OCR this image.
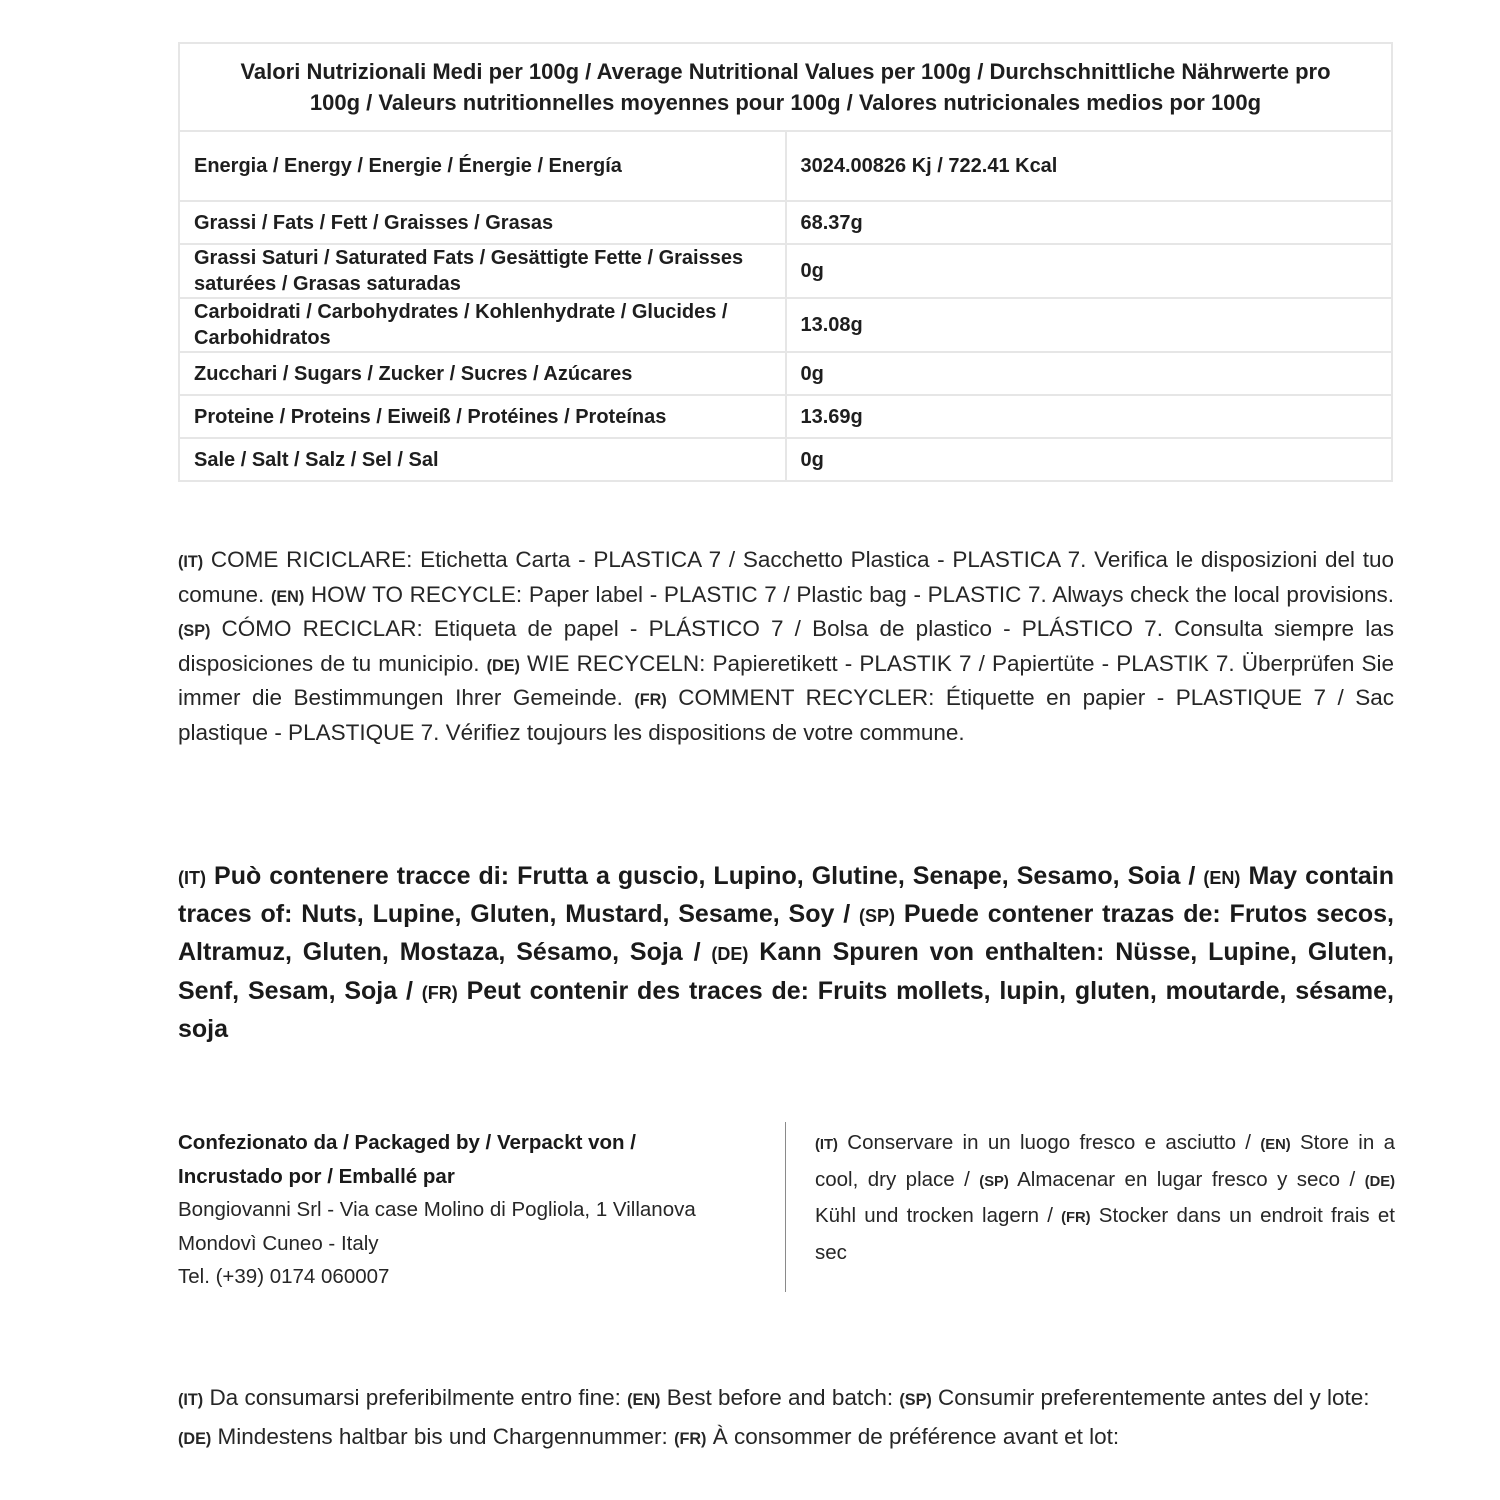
Valori Nutrizionali Medi per 100g / Average Nutritional Values per 100g / Durchschnittliche Nährwerte pro 100g / Valeurs nutritionnelles moyennes pour 100g / Valores nutricionales medios por 100g	
Energia / Energy / Energie / Énergie / Energía	3024.00826 Kj / 722.41 Kcal
Grassi / Fats / Fett / Graisses / Grasas	68.37g
Grassi Saturi / Saturated Fats / Gesättigte Fette / Graisses saturées / Grasas saturadas	0g
Carboidrati / Carbohydrates / Kohlenhydrate / Glucides / Carbohidratos	13.08g
Zucchari / Sugars / Zucker / Sucres / Azúcares	0g
Proteine / Proteins / Eiweiß / Protéines / Proteínas	13.69g
Sale / Salt / Salz / Sel / Sal	0g

(IT) COME RICICLARE: Etichetta Carta - PLASTICA 7 / Sacchetto Plastica - PLASTICA 7. Verifica le disposizioni del tuo comune. (EN) HOW TO RECYCLE: Paper label - PLASTIC 7 / Plastic bag - PLASTIC 7. Always check the local provisions. (SP) CÓMO RECICLAR: Etiqueta de papel - PLÁSTICO 7 / Bolsa de plastico - PLÁSTICO 7. Consulta siempre las disposiciones de tu municipio. (DE) WIE RECYCELN: Papieretikett - PLASTIK 7 / Papiertüte - PLASTIK 7. Überprüfen Sie immer die Bestimmungen Ihrer Gemeinde. (FR) COMMENT RECYCLER: Étiquette en papier - PLASTIQUE 7 / Sac plastique - PLASTIQUE 7. Vérifiez toujours les dispositions de votre commune.

(IT) Può contenere tracce di: Frutta a guscio, Lupino, Glutine, Senape, Sesamo, Soia / (EN) May contain traces of: Nuts, Lupine, Gluten, Mustard, Sesame, Soy / (SP) Puede contener trazas de: Frutos secos, Altramuz, Gluten, Mostaza, Sésamo, Soja / (DE) Kann Spuren von enthalten: Nüsse, Lupine, Gluten, Senf, Sesam, Soja / (FR) Peut contenir des traces de: Fruits mollets, lupin, gluten, moutarde, sésame, soja

Confezionato da / Packaged by / Verpackt von /
Incrustado por / Emballé par
Bongiovanni Srl - Via case Molino di Pogliola, 1 Villanova
Mondovì Cuneo - Italy
Tel. (+39) 0174 060007

(IT) Conservare in un luogo fresco e asciutto / (EN) Store in a cool, dry place / (SP) Almacenar en lugar fresco y seco / (DE) Kühl und trocken lagern / (FR) Stocker dans un endroit frais et sec

(IT) Da consumarsi preferibilmente entro fine: (EN) Best before and batch: (SP) Consumir preferentemente antes del y lote: (DE) Mindestens haltbar bis und Chargennummer: (FR) À consommer de préférence avant et lot:
